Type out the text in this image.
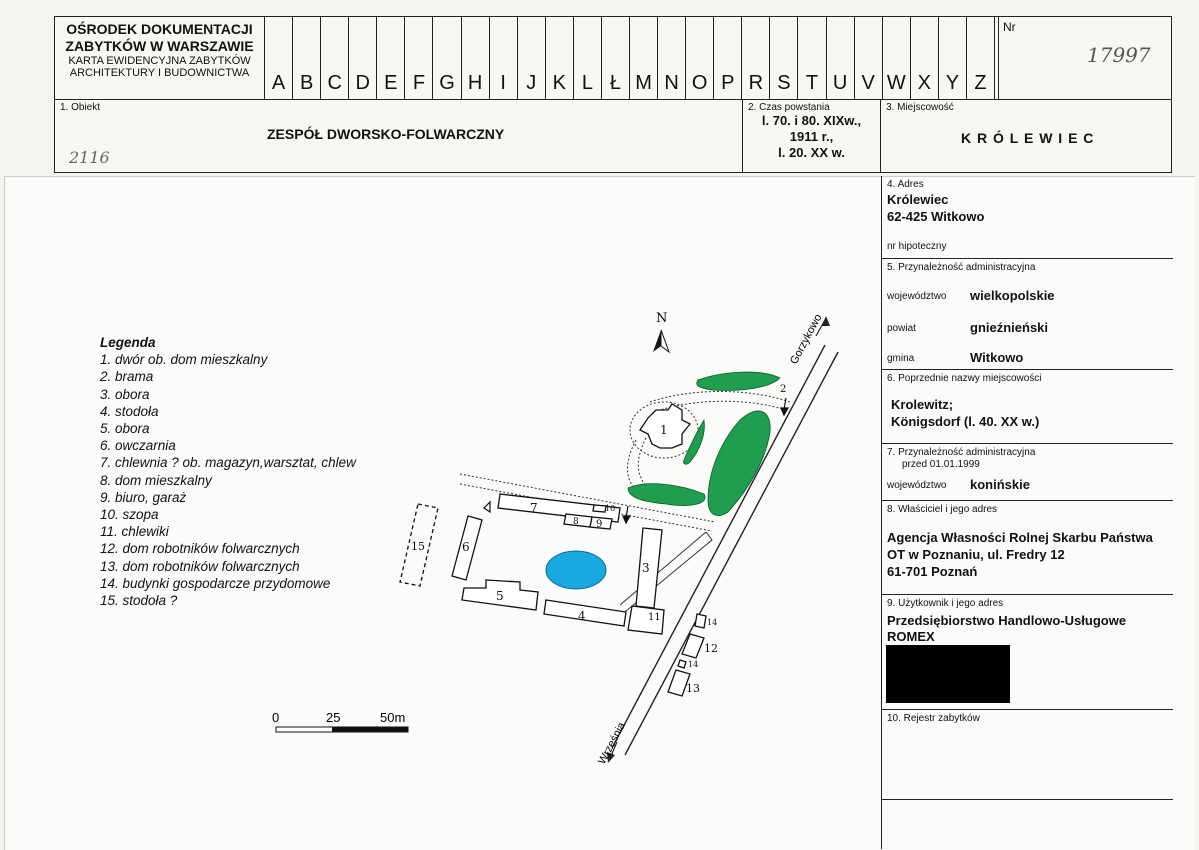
OŚRODEK DOKUMENTACJI
ZABYTKÓW W WARSZAWIE
KARTA EWIDENCYJNA ZABYTKÓW
ARCHITEKTURY I BUDOWNICTWA	A B C D E F G H I	J K L Ł M N O P R S T U V W X Y Z
Nr
17997
1. Obiekt
ZESPÓŁ DWORSKO-FOLWARCZNY
2116
2. Czas powstania
l. 70. i 80. XIXw.,
1911 r.,
l. 20. XX w.
3. Miejscowość
K R Ó L E W I E C
4. Adres
Królewiec
62-425 Witkowo
nr hipoteczny
5. Przynależność administracyjna
województwo wielkopolskie
powiat	gnieźnieński
gmina	Witkowo
6. Poprzednie nazwy miejscowości
Krolewitz;
Königsdorf (l. 40. XX w.)
7. Przynależność administracyjna
przed 01.01.1999
województwo konińskie
8. Właściciel i jego adres
Agencja Własności Rolnej Skarbu Państwa
OT w Poznaniu, ul. Fredry 12
61-701 Poznań
9. Użytkownik i jego adres
Przedsiębiorstwo Handlowo-Usługowe
ROMEX
10. Rejestr zabytków
Legenda
1. dwór ob. dom mieszkalny
2. brama
3. obora
4. stodoła
5. obora
6. owczarnia
7. chlewnia ? ob. magazyn,warsztat, chlew
8. dom mieszkalny
9. biuro, garaż
10. szopa
11. chlewiki
12. dom robotników folwarcznych
13. dom robotników folwarcznych
14. budynki gospodarcze przydomowe
15. stodoła ?
N	Gorzykowo
Września
1
2
3
4
5
6
7
8 9
10
11
12
13
14
14
15
0	25	50m
